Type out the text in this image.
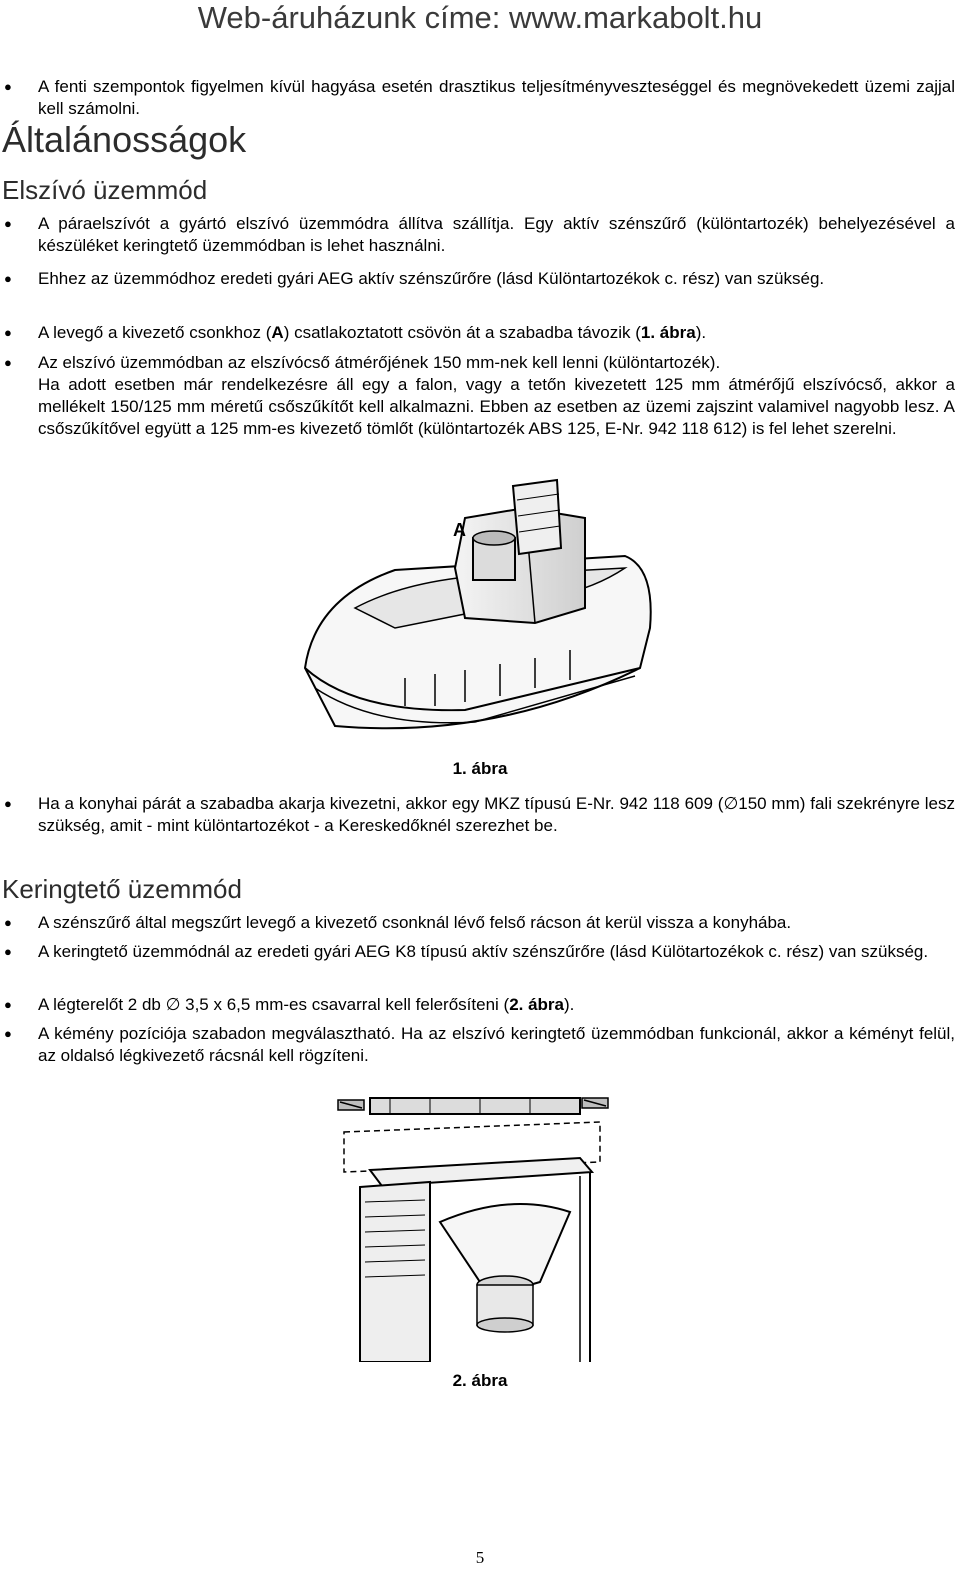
Web-áruházunk címe: www.markabolt.hu
● A fenti szempontok figyelmen kívül hagyása esetén drasztikus teljesítményveszteséggel és megnövekedett üzemi zajjal kell számolni.
Általánosságok
Elszívó üzemmód
● A páraelszívót a gyártó elszívó üzemmódra állítva szállítja. Egy aktív szénszűrő (különtartozék) behelyezésével a készüléket keringtető üzemmódban is lehet használni.
● Ehhez az üzemmódhoz eredeti gyári AEG aktív szénszűrőre (lásd Különtartozékok c. rész) van szükség.
● A levegő a kivezető csonkhoz (A) csatlakoztatott csövön át a szabadba távozik (1. ábra).
● Az elszívó üzemmódban az elszívócső átmérőjének 150 mm-nek kell lenni (különtartozék).
Ha adott esetben már rendelkezésre áll egy a falon, vagy a tetőn kivezetett 125 mm átmérőjű elszívócső, akkor a mellékelt 150/125 mm méretű csőszűkítőt kell alkalmazni. Ebben az esetben az üzemi zajszint valamivel nagyobb lesz. A csőszűkítővel együtt a 125 mm-es kivezető tömlőt (különtartozék ABS 125, E-Nr. 942 118 612) is fel lehet szerelni.
A
1. ábra
● Ha a konyhai párát a szabadba akarja kivezetni, akkor egy MKZ típusú E-Nr. 942 118 609 (∅150 mm) fali szekrényre lesz szükség, amit - mint különtartozékot - a Kereskedőknél szerezhet be.
Keringtető üzemmód
● A szénszűrő által megszűrt levegő a kivezető csonknál lévő felső rácson át kerül vissza a konyhába.
● A keringtető üzemmódnál az eredeti gyári AEG K8 típusú aktív szénszűrőre (lásd Külötartozékok c. rész) van szükség.
● A légterelőt 2 db ∅ 3,5 x 6,5 mm-es csavarral kell felerősíteni (2. ábra).
● A kémény pozíciója szabadon megválasztható. Ha az elszívó keringtető üzemmódban funkcionál, akkor a kéményt felül, az oldalsó légkivezető rácsnál kell rögzíteni.
2. ábra
5
